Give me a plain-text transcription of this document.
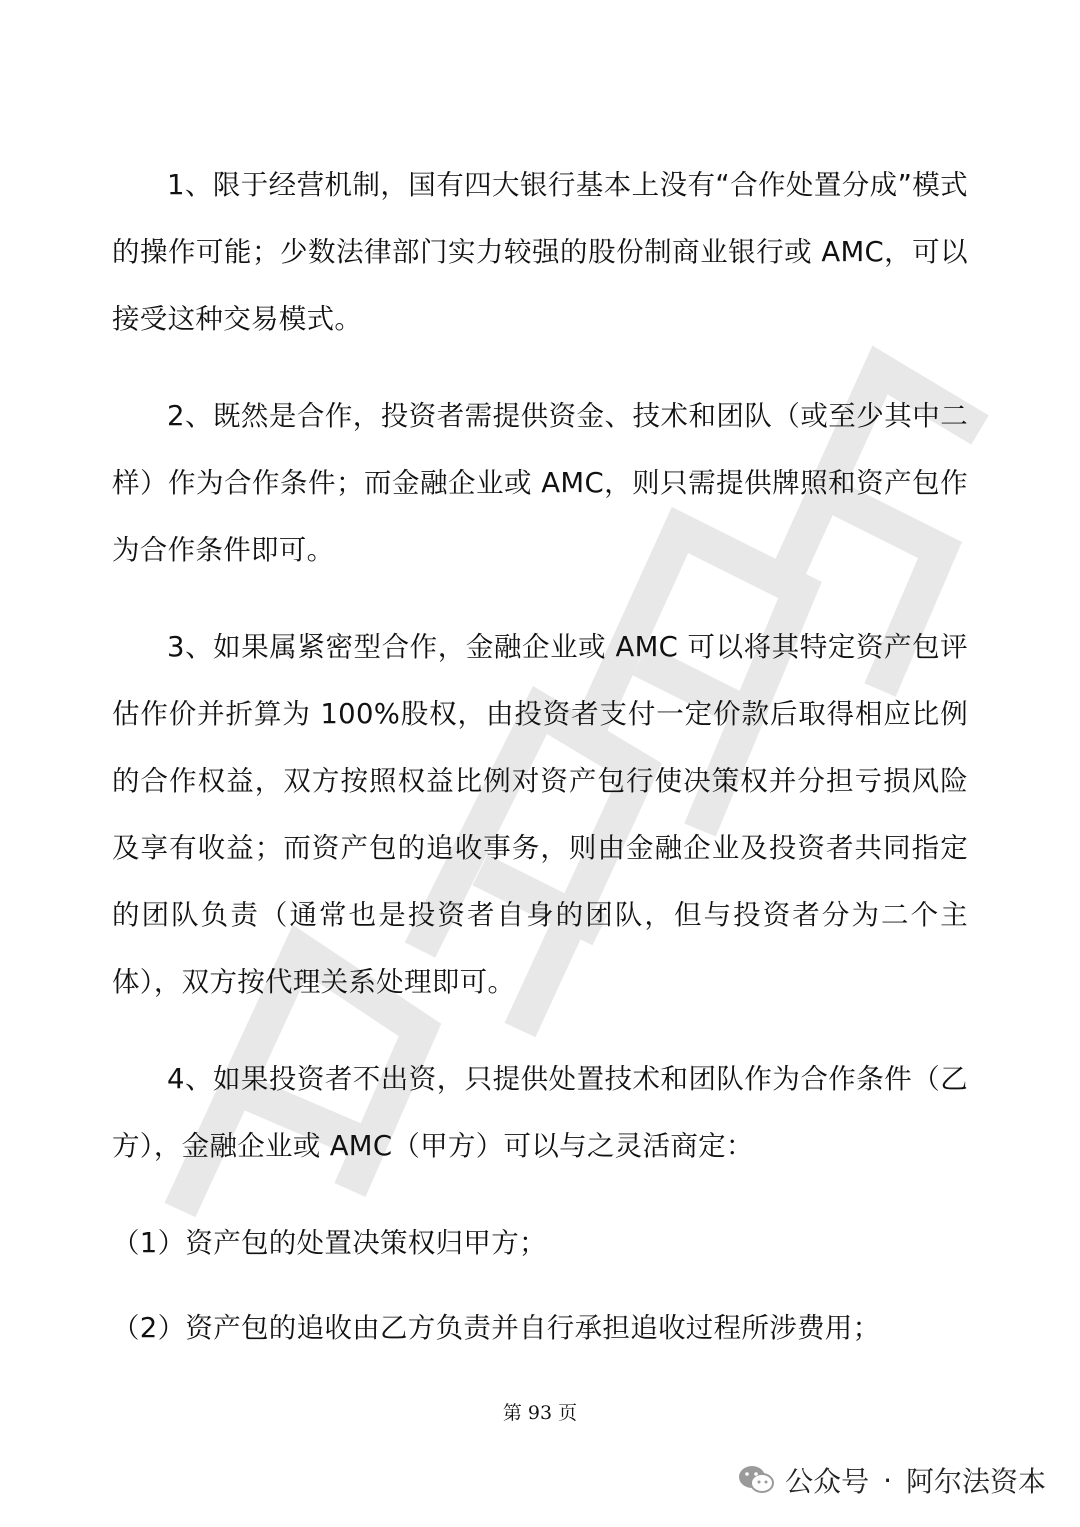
1、限于经营机制，国有四大银行基本上没有“合作处置分成”模式的操作可能；少数法律部门实力较强的股份制商业银行或 AMC，可以接受这种交易模式。

2、既然是合作，投资者需提供资金、技术和团队（或至少其中二样）作为合作条件；而金融企业或 AMC，则只需提供牌照和资产包作为合作条件即可。

3、如果属紧密型合作，金融企业或 AMC 可以将其特定资产包评估作价并折算为 100%股权，由投资者支付一定价款后取得相应比例的合作权益，双方按照权益比例对资产包行使决策权并分担亏损风险及享有收益；而资产包的追收事务，则由金融企业及投资者共同指定的团队负责（通常也是投资者自身的团队，但与投资者分为二个主体），双方按代理关系处理即可。

4、如果投资者不出资，只提供处置技术和团队作为合作条件（乙方），金融企业或 AMC（甲方）可以与之灵活商定：

（1）资产包的处置决策权归甲方；

（2）资产包的追收由乙方负责并自行承担追收过程所涉费用；

第 93 页
公众号 · 阿尔法资本
